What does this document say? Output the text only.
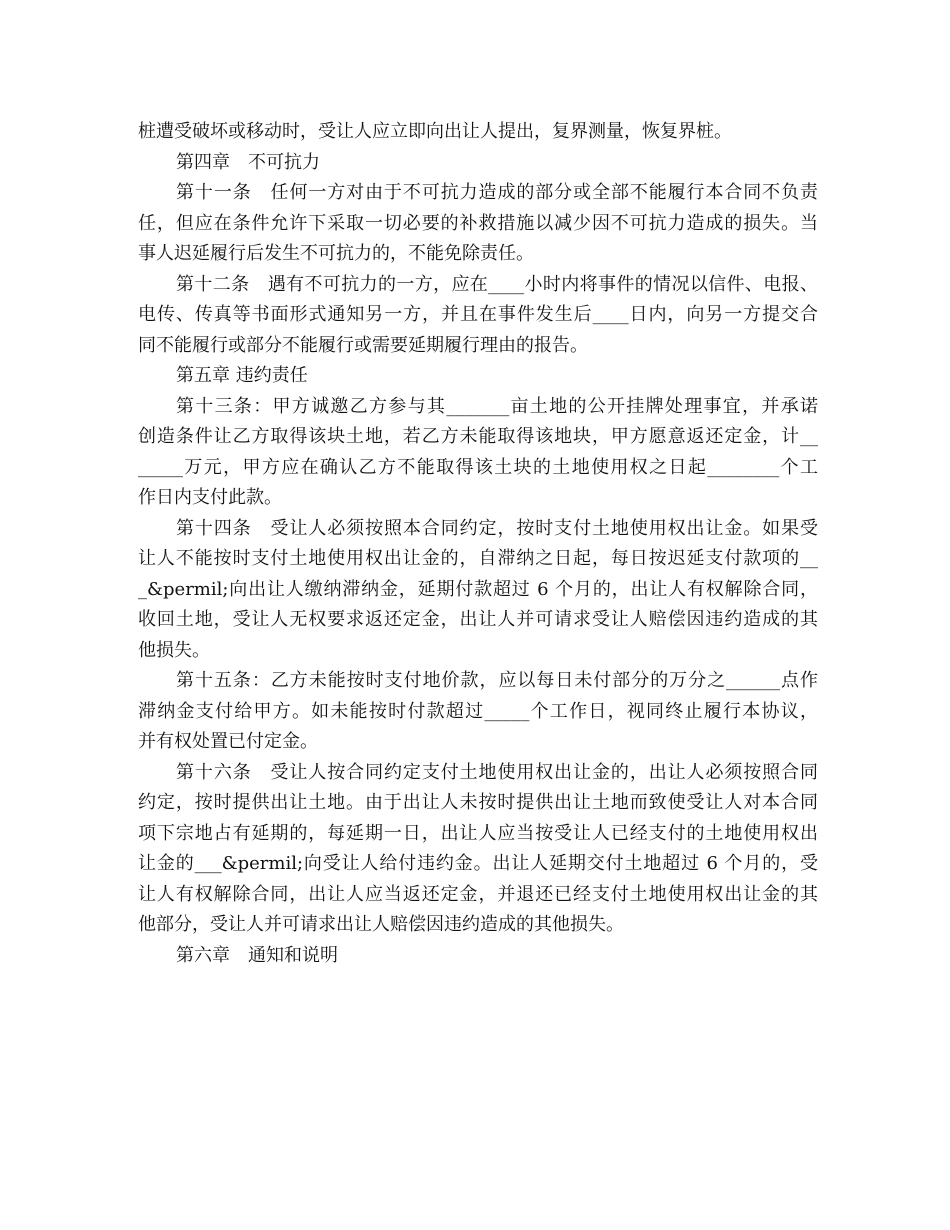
桩遭受破坏或移动时，受让人应立即向出让人提出，复界测量，恢复界桩。
第四章　不可抗力
第十一条　任何一方对由于不可抗力造成的部分或全部不能履行本合同不负责
任，但应在条件允许下采取一切必要的补救措施以减少因不可抗力造成的损失。当
事人迟延履行后发生不可抗力的，不能免除责任。
第十二条　遇有不可抗力的一方，应在____小时内将事件的情况以信件、电报、
电传、传真等书面形式通知另一方，并且在事件发生后____日内，向另一方提交合
同不能履行或部分不能履行或需要延期履行理由的报告。
第五章 违约责任
第十三条：甲方诚邀乙方参与其_______亩土地的公开挂牌处理事宜，并承诺
创造条件让乙方取得该块土地，若乙方未能取得该地块，甲方愿意返还定金，计__
_____万元，甲方应在确认乙方不能取得该土块的土地使用权之日起________个工
作日内支付此款。
第十四条　受让人必须按照本合同约定，按时支付土地使用权出让金。如果受
让人不能按时支付土地使用权出让金的，自滞纳之日起，每日按迟延支付款项的__
_&permil;向出让人缴纳滞纳金，延期付款超过 6 个月的，出让人有权解除合同，
收回土地，受让人无权要求返还定金，出让人并可请求受让人赔偿因违约造成的其
他损失。
第十五条：乙方未能按时支付地价款，应以每日未付部分的万分之______点作
滞纳金支付给甲方。如未能按时付款超过_____个工作日，视同终止履行本协议，
并有权处置已付定金。
第十六条　受让人按合同约定支付土地使用权出让金的，出让人必须按照合同
约定，按时提供出让土地。由于出让人未按时提供出让土地而致使受让人对本合同
项下宗地占有延期的，每延期一日，出让人应当按受让人已经支付的土地使用权出
让金的___&permil;向受让人给付违约金。出让人延期交付土地超过 6 个月的，受
让人有权解除合同，出让人应当返还定金，并退还已经支付土地使用权出让金的其
他部分，受让人并可请求出让人赔偿因违约造成的其他损失。
第六章　通知和说明
